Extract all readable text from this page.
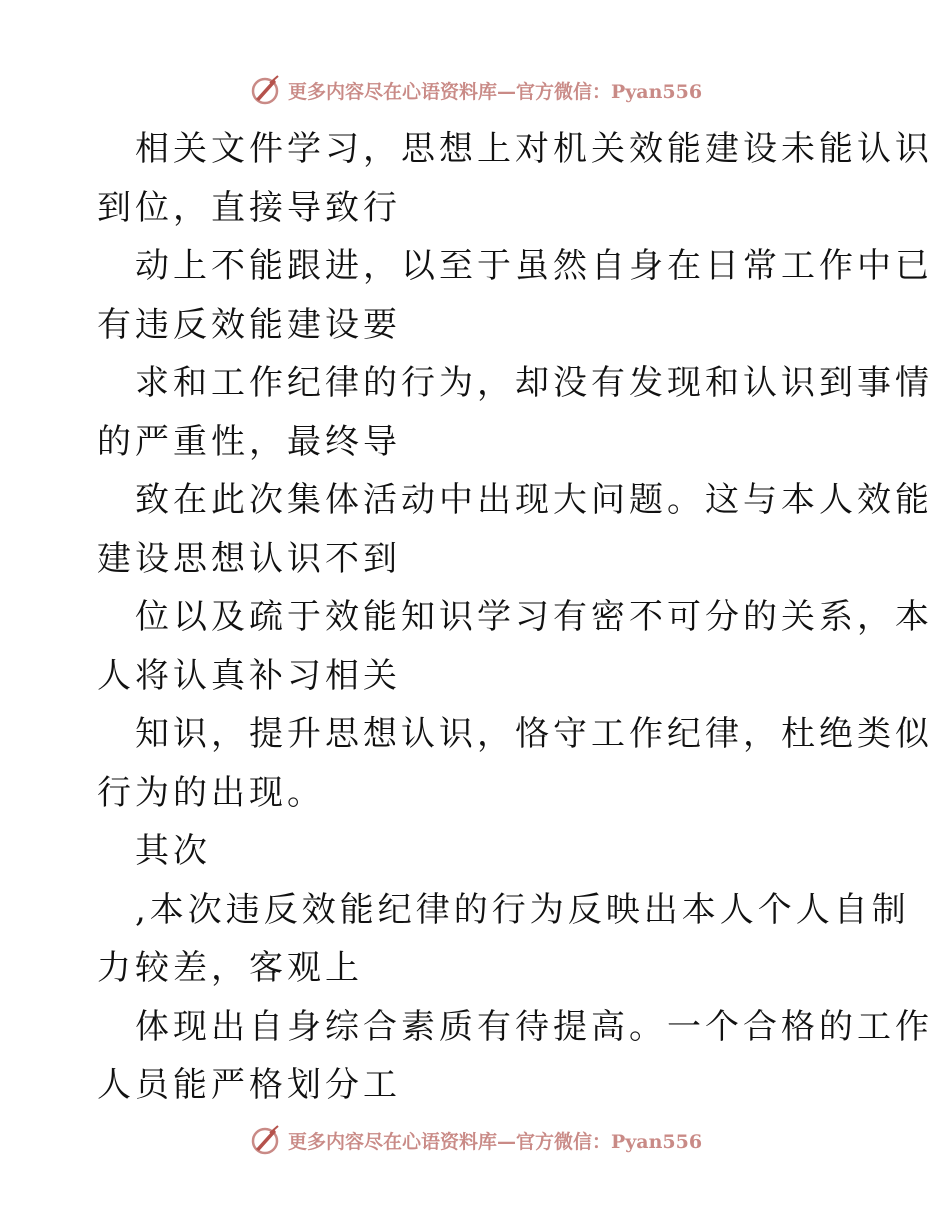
更多内容尽在心语资料库—官方微信：Pyan556
相关文件学习，思想上对机关效能建设未能认识
到位，直接导致行
动上不能跟进，以至于虽然自身在日常工作中已
有违反效能建设要
求和工作纪律的行为，却没有发现和认识到事情
的严重性，最终导
致在此次集体活动中出现大问题。这与本人效能
建设思想认识不到
位以及疏于效能知识学习有密不可分的关系，本
人将认真补习相关
知识，提升思想认识，恪守工作纪律，杜绝类似
行为的出现。
其次
,本次违反效能纪律的行为反映出本人个人自制
力较差，客观上
体现出自身综合素质有待提高。一个合格的工作
人员能严格划分工
更多内容尽在心语资料库—官方微信：Pyan556
